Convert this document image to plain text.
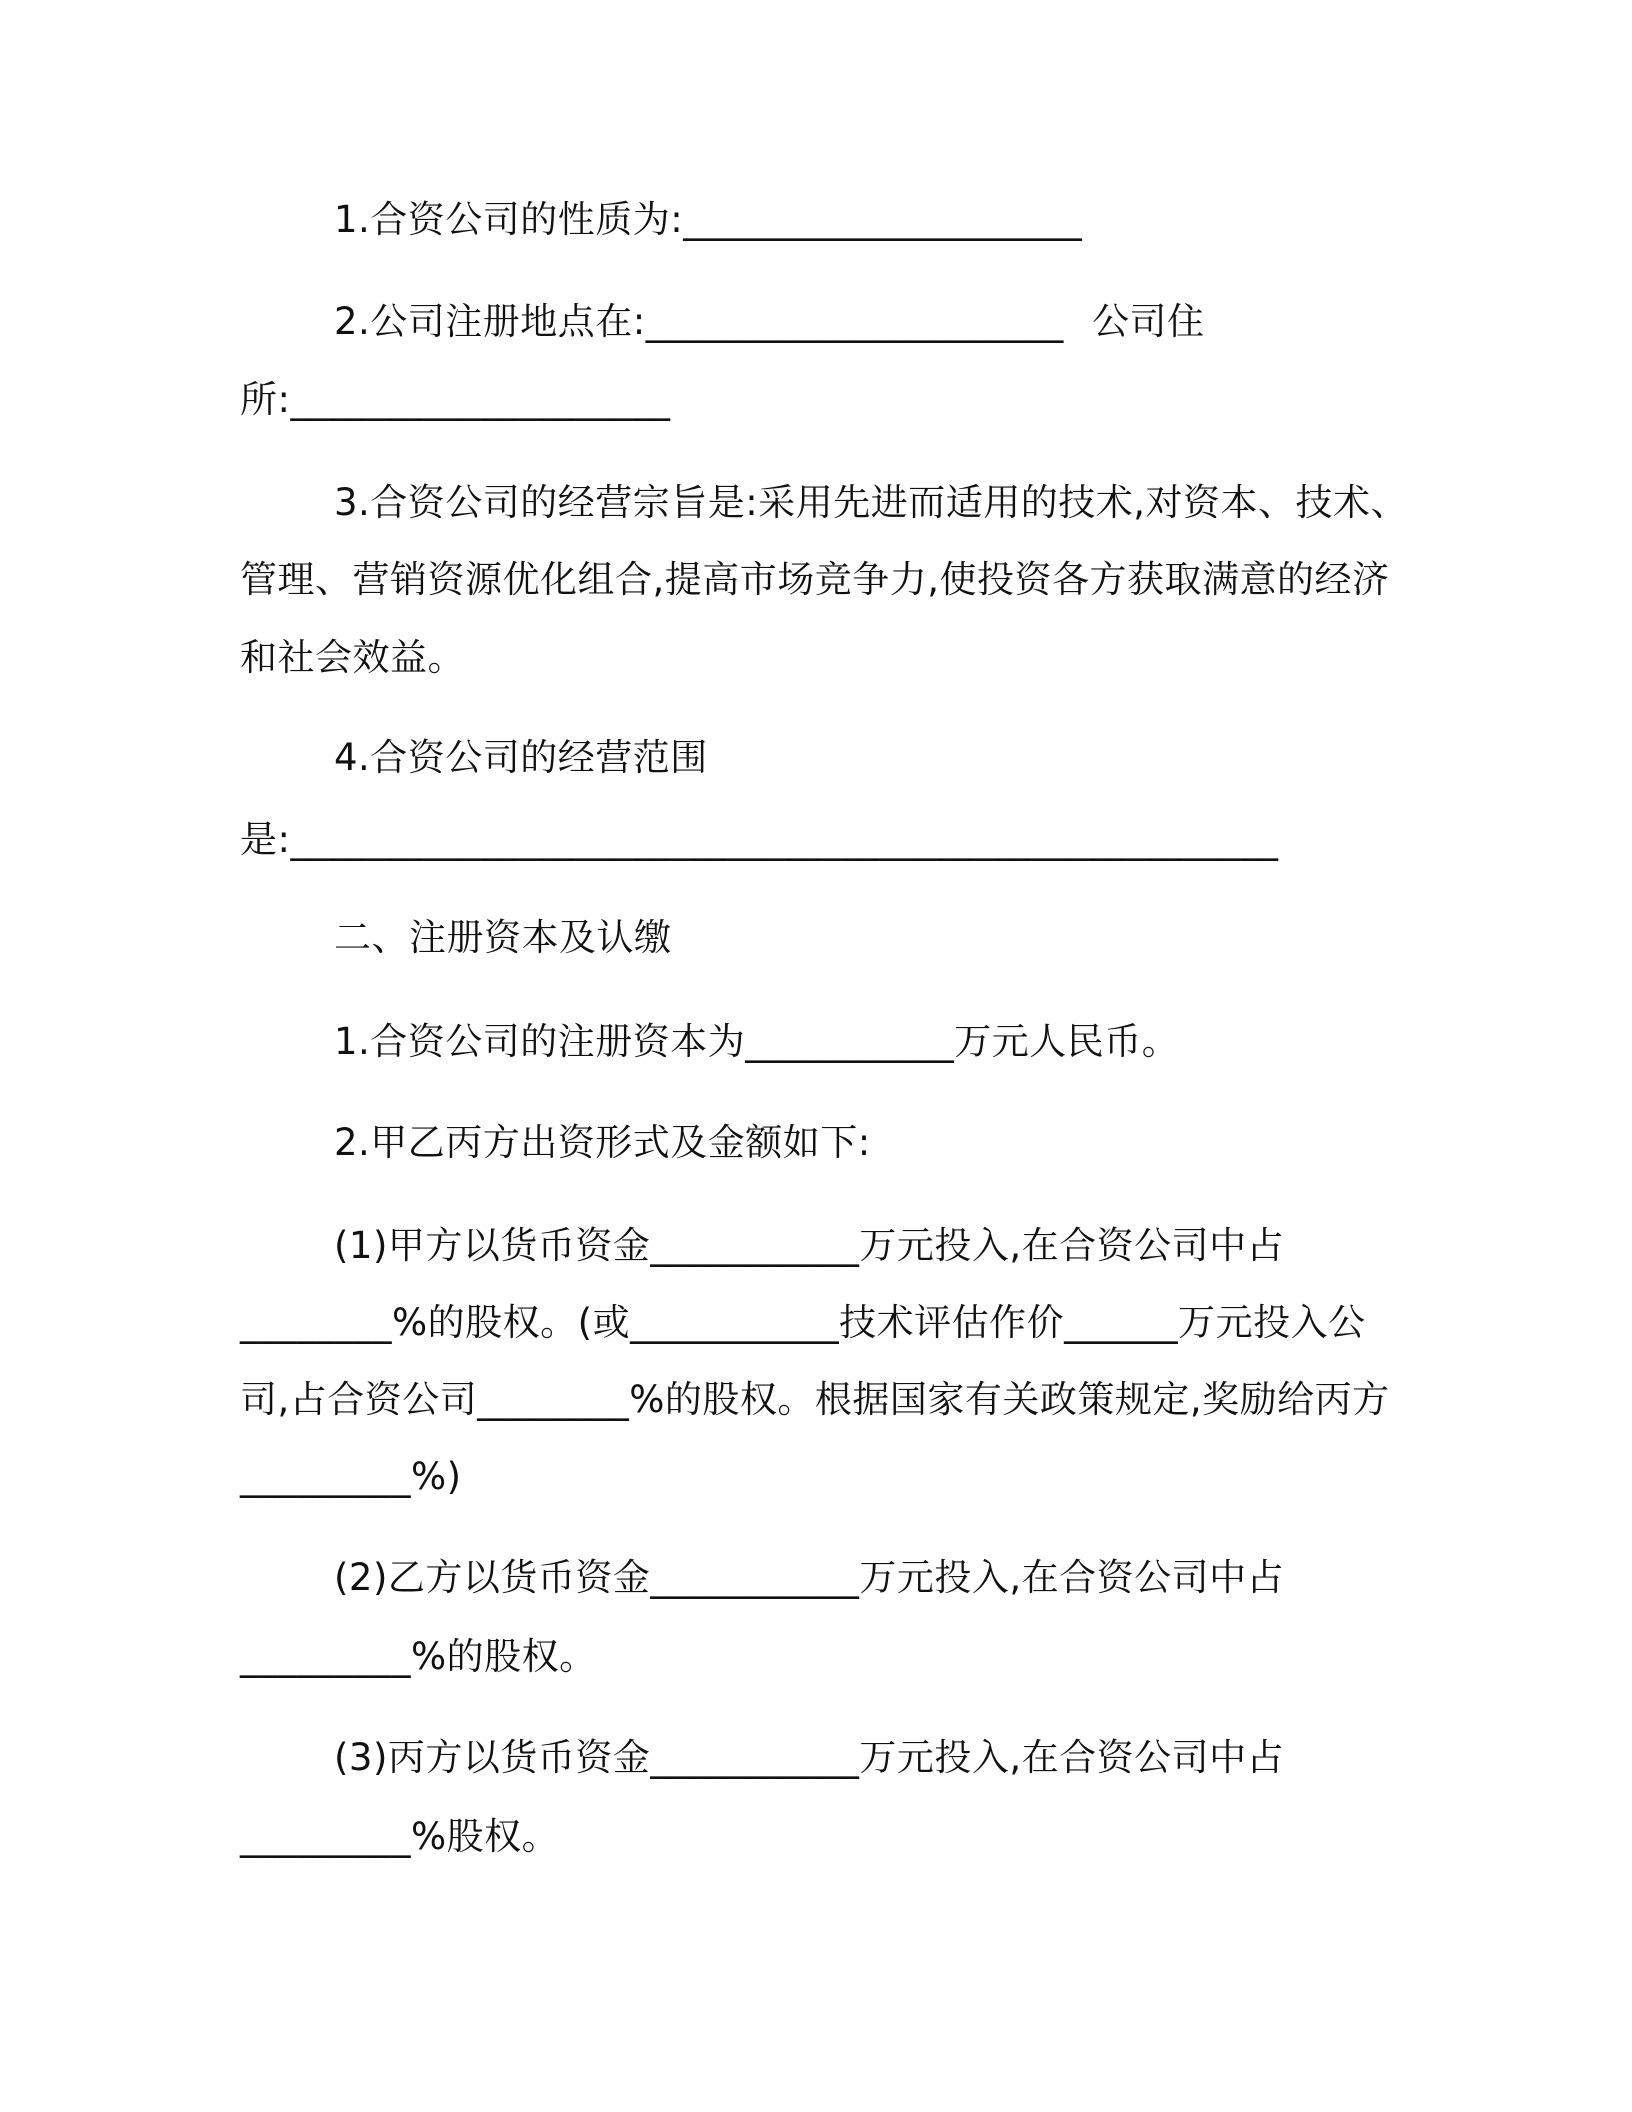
1.合资公司的性质为:_____________________
2.公司注册地点在:______________________ 公司住
所:____________________
3.合资公司的经营宗旨是:采用先进而适用的技术,对资本、技术、
管理、营销资源优化组合,提高市场竞争力,使投资各方获取满意的经济
和社会效益。
4.合资公司的经营范围
是:____________________________________________________
二、注册资本及认缴
1.合资公司的注册资本为___________万元人民币。
2.甲乙丙方出资形式及金额如下:
(1)甲方以货币资金___________万元投入,在合资公司中占
________%的股权。(或___________技术评估作价______万元投入公
司,占合资公司________%的股权。根据国家有关政策规定,奖励给丙方
_________%)
(2)乙方以货币资金___________万元投入,在合资公司中占
_________%的股权。
(3)丙方以货币资金___________万元投入,在合资公司中占
_________%股权。
